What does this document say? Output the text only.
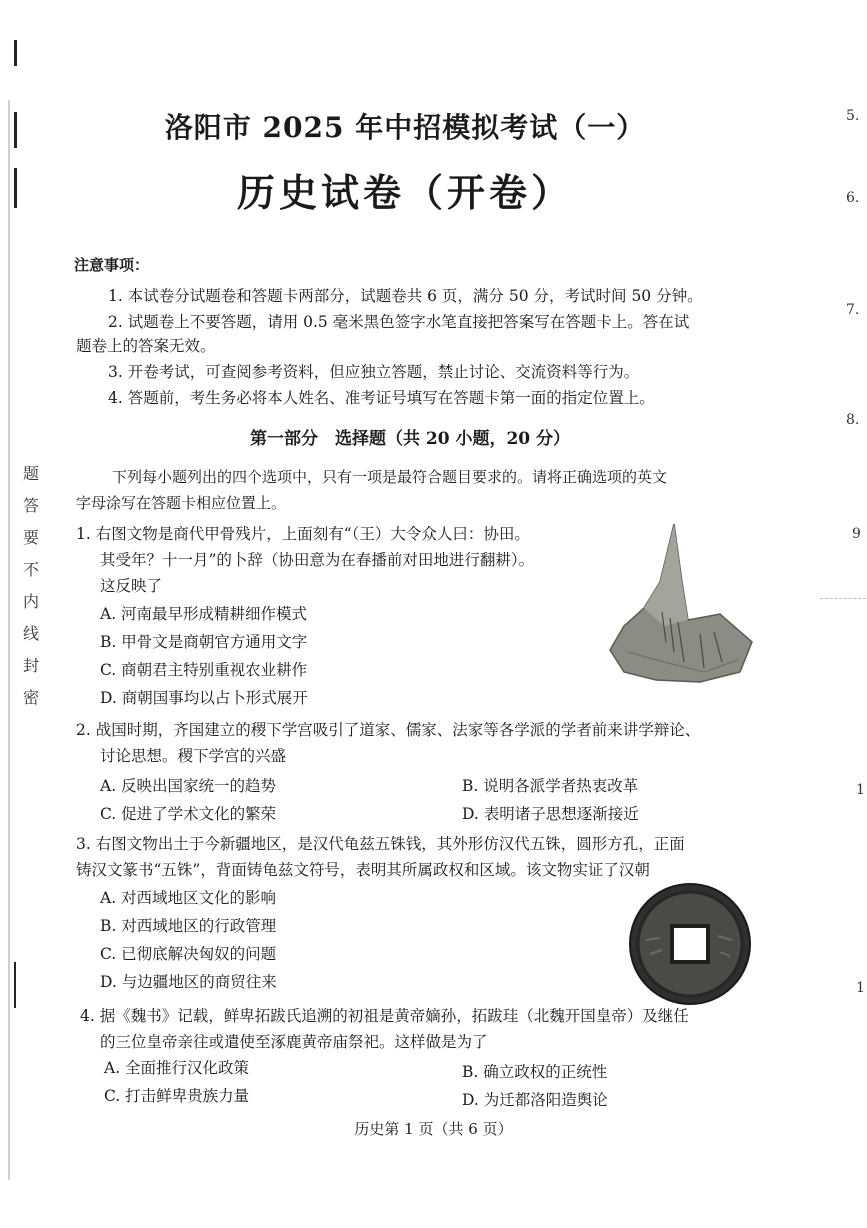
题
答
要
不
内
线
封
密
5.
6.
7.
8.
9
1
1
洛阳市 2025 年中招模拟考试（一）
历史试卷（开卷）
注意事项：
1. 本试卷分试题卷和答题卡两部分，试题卷共 6 页，满分 50 分，考试时间 50 分钟。
2. 试题卷上不要答题，请用 0.5 毫米黑色签字水笔直接把答案写在答题卡上。答在试
题卷上的答案无效。
3. 开卷考试，可查阅参考资料，但应独立答题，禁止讨论、交流资料等行为。
4. 答题前，考生务必将本人姓名、准考证号填写在答题卡第一面的指定位置上。
第一部分　选择题（共 20 小题，20 分）
下列每小题列出的四个选项中，只有一项是最符合题目要求的。请将正确选项的英文
字母涂写在答题卡相应位置上。
1. 右图文物是商代甲骨残片，上面刻有“（王）大令众人曰：协田。
其受年？十一月”的卜辞（协田意为在春播前对田地进行翻耕）。
这反映了
A. 河南最早形成精耕细作模式
B. 甲骨文是商朝官方通用文字
C. 商朝君主特别重视农业耕作
D. 商朝国事均以占卜形式展开
2. 战国时期，齐国建立的稷下学宫吸引了道家、儒家、法家等各学派的学者前来讲学辩论、
讨论思想。稷下学宫的兴盛
A. 反映出国家统一的趋势	B. 说明各派学者热衷改革
C. 促进了学术文化的繁荣	D. 表明诸子思想逐渐接近
3. 右图文物出土于今新疆地区，是汉代龟兹五铢钱，其外形仿汉代五铢，圆形方孔，正面
铸汉文篆书“五铢”，背面铸龟兹文符号，表明其所属政权和区域。该文物实证了汉朝
A. 对西域地区文化的影响
B. 对西域地区的行政管理
C. 已彻底解决匈奴的问题
D. 与边疆地区的商贸往来
4. 据《魏书》记载，鲜卑拓跋氏追溯的初祖是黄帝嫡孙，拓跋珪（北魏开国皇帝）及继任
的三位皇帝亲往或遣使至涿鹿黄帝庙祭祀。这样做是为了
A. 全面推行汉化政策	B. 确立政权的正统性
C. 打击鲜卑贵族力量	D. 为迁都洛阳造舆论
历史第 1 页（共 6 页）
